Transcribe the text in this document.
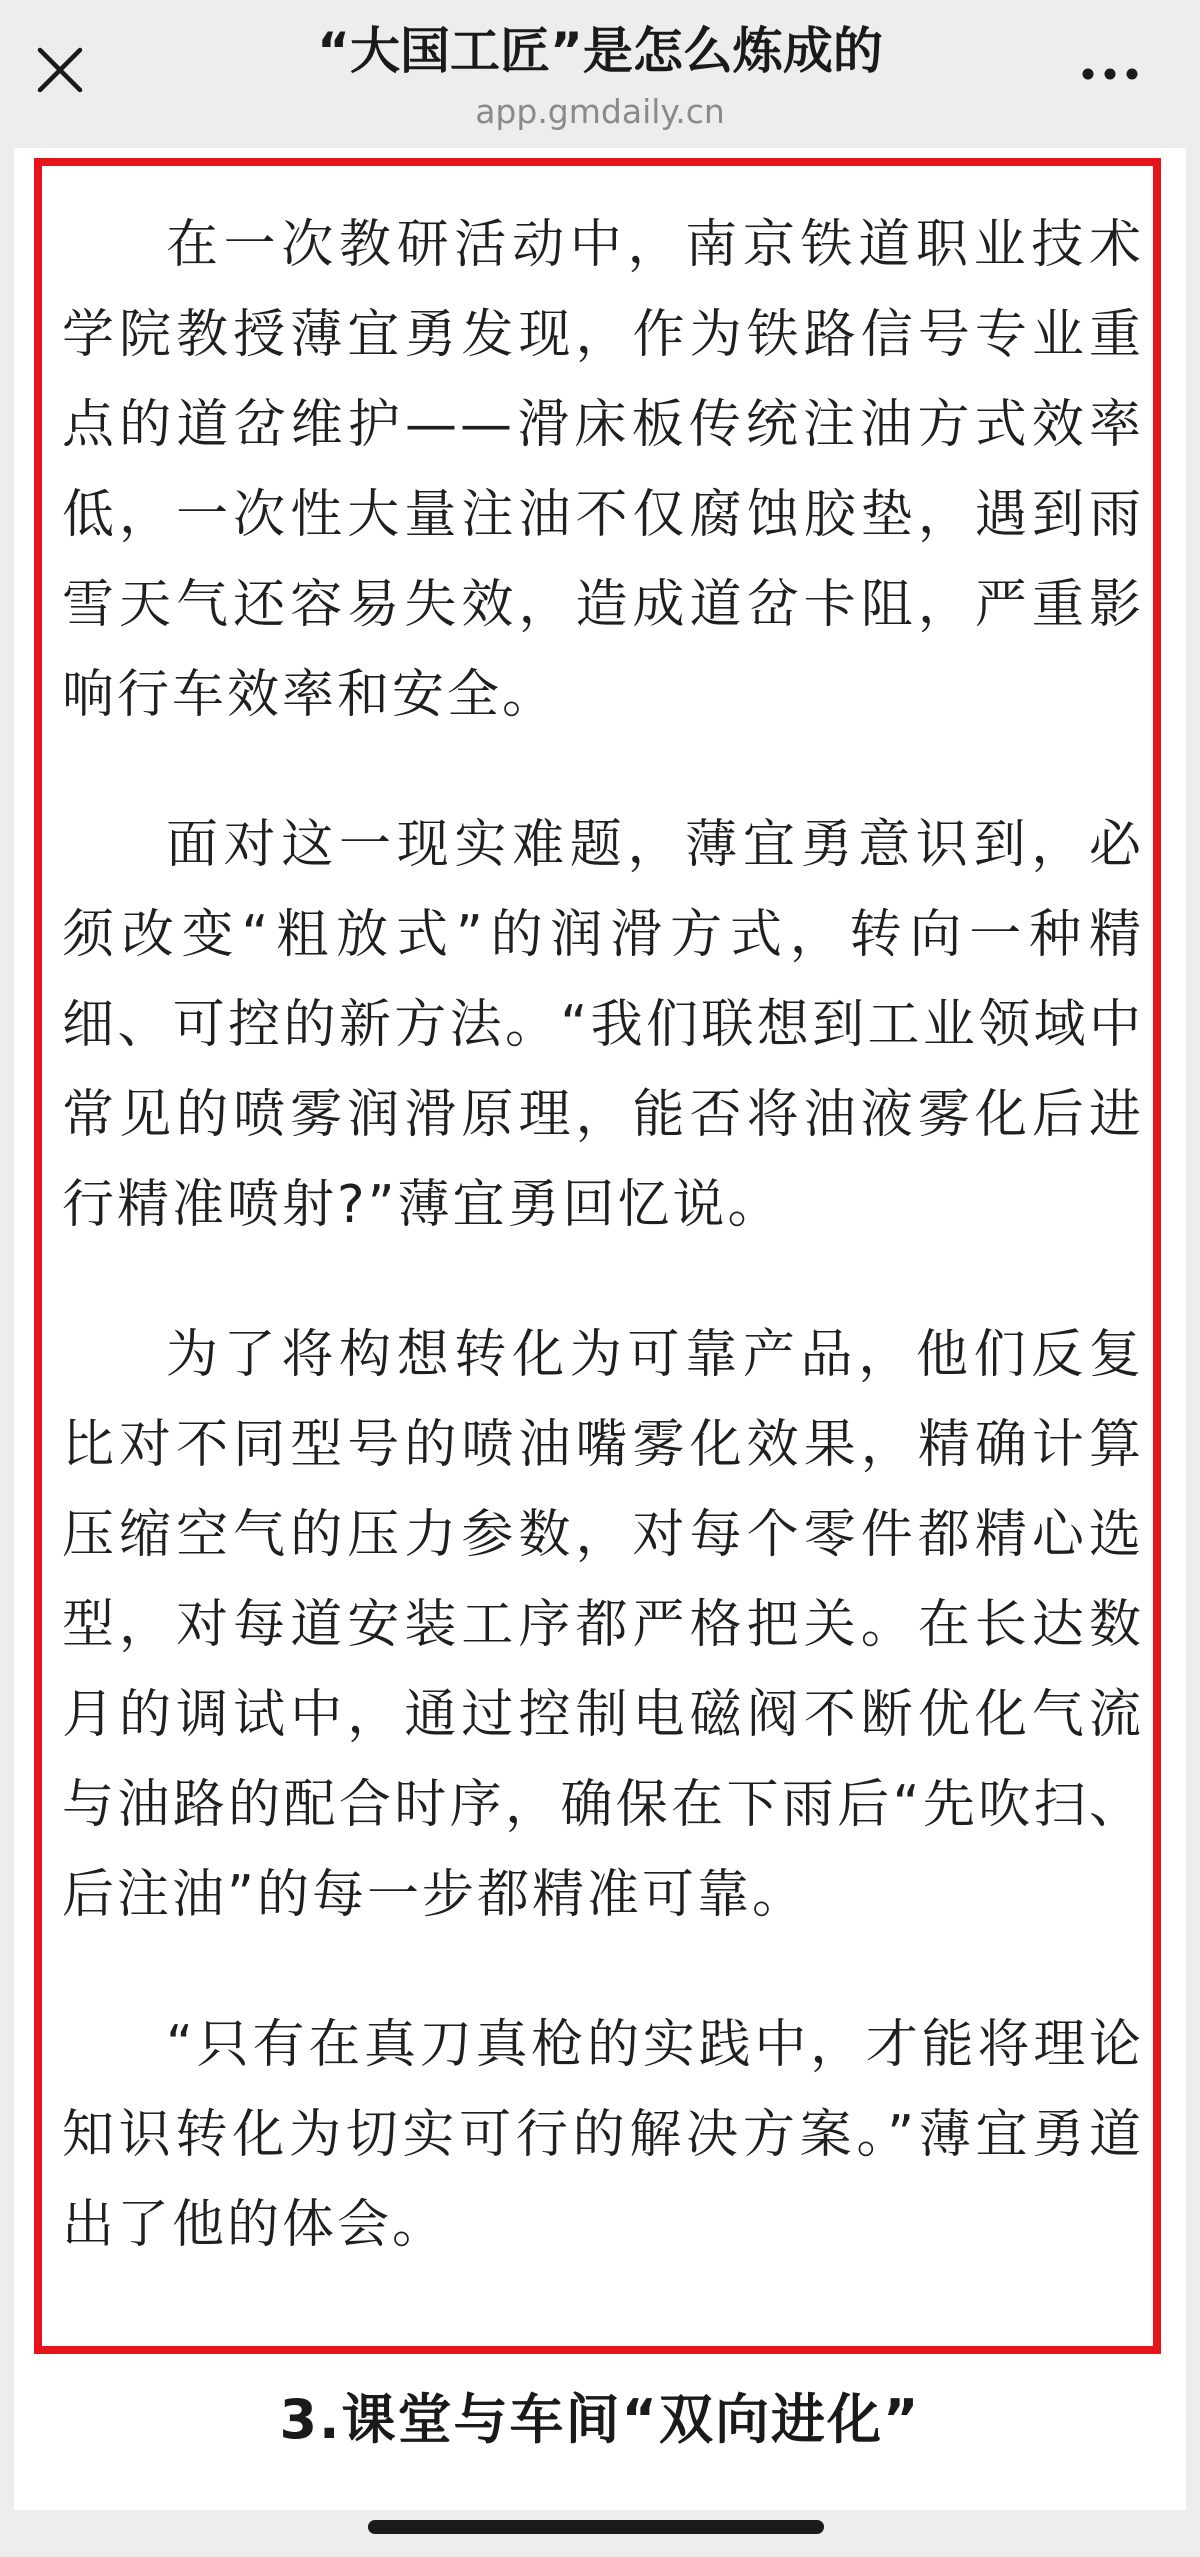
“大国工匠”是怎么炼成的
app.gmdaily.cn

在一次教研活动中，南京铁道职业技术学院教授薄宜勇发现，作为铁路信号专业重点的道岔维护——滑床板传统注油方式效率低，一次性大量注油不仅腐蚀胶垫，遇到雨雪天气还容易失效，造成道岔卡阻，严重影响行车效率和安全。

面对这一现实难题，薄宜勇意识到，必须改变“粗放式”的润滑方式，转向一种精细、可控的新方法。“我们联想到工业领域中常见的喷雾润滑原理，能否将油液雾化后进行精准喷射?”薄宜勇回忆说。

为了将构想转化为可靠产品，他们反复比对不同型号的喷油嘴雾化效果，精确计算压缩空气的压力参数，对每个零件都精心选型，对每道安装工序都严格把关。在长达数月的调试中，通过控制电磁阀不断优化气流与油路的配合时序，确保在下雨后“先吹扫、后注油”的每一步都精准可靠。

“只有在真刀真枪的实践中，才能将理论知识转化为切实可行的解决方案。”薄宜勇道出了他的体会。

3.课堂与车间“双向进化”
